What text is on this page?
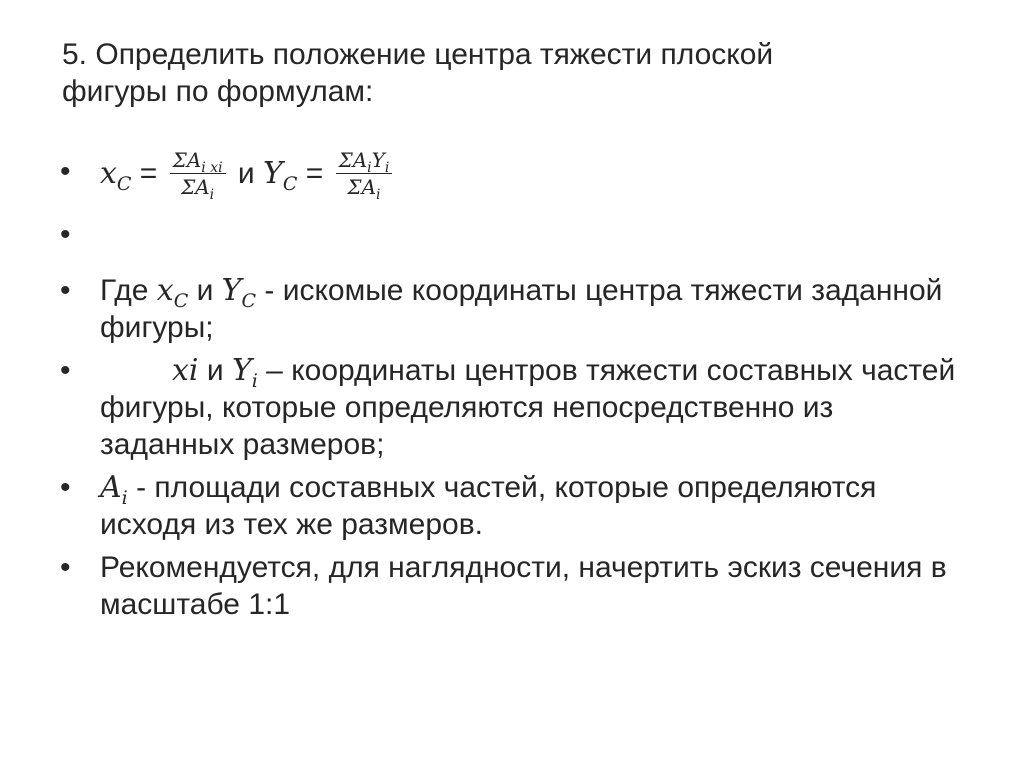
5. Определить положение центра тяжести плоской
фигуры по формулам:
• $x_C = \frac{\Sigma A_{i xi}}{\Sigma A_i}$ и $Y_C = \frac{\Sigma A_iY_i}{\Sigma A_i}$
•
• Где $x_C$ и $Y_C$ - искомые координаты центра тяжести заданной фигуры;
•	xi и $Y_i$ – координаты центров тяжести составных частей фигуры, которые определяются непосредственно из заданных размеров;
• $A_i$ - площади составных частей, которые определяются исходя из тех же размеров.
• Рекомендуется, для наглядности, начертить эскиз сечения в масштабе 1:1
